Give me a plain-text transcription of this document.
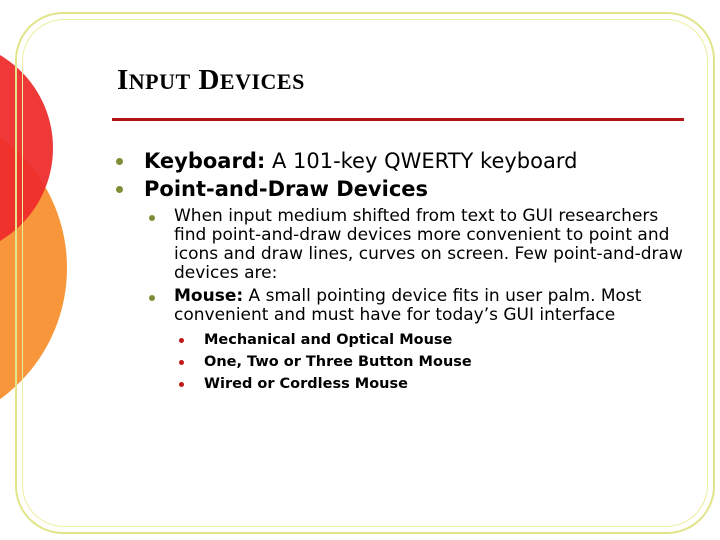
INPUT DEVICES
Keyboard: A 101-key QWERTY keyboard
Point-and-Draw Devices
When input medium shifted from text to GUI researchers find point-and-draw devices more convenient to point and icons and draw lines, curves on screen. Few point-and-draw devices are:
Mouse: A small pointing device fits in user palm. Most convenient and must have for today’s GUI interface
Mechanical and Optical Mouse
One, Two or Three Button Mouse
Wired or Cordless Mouse
